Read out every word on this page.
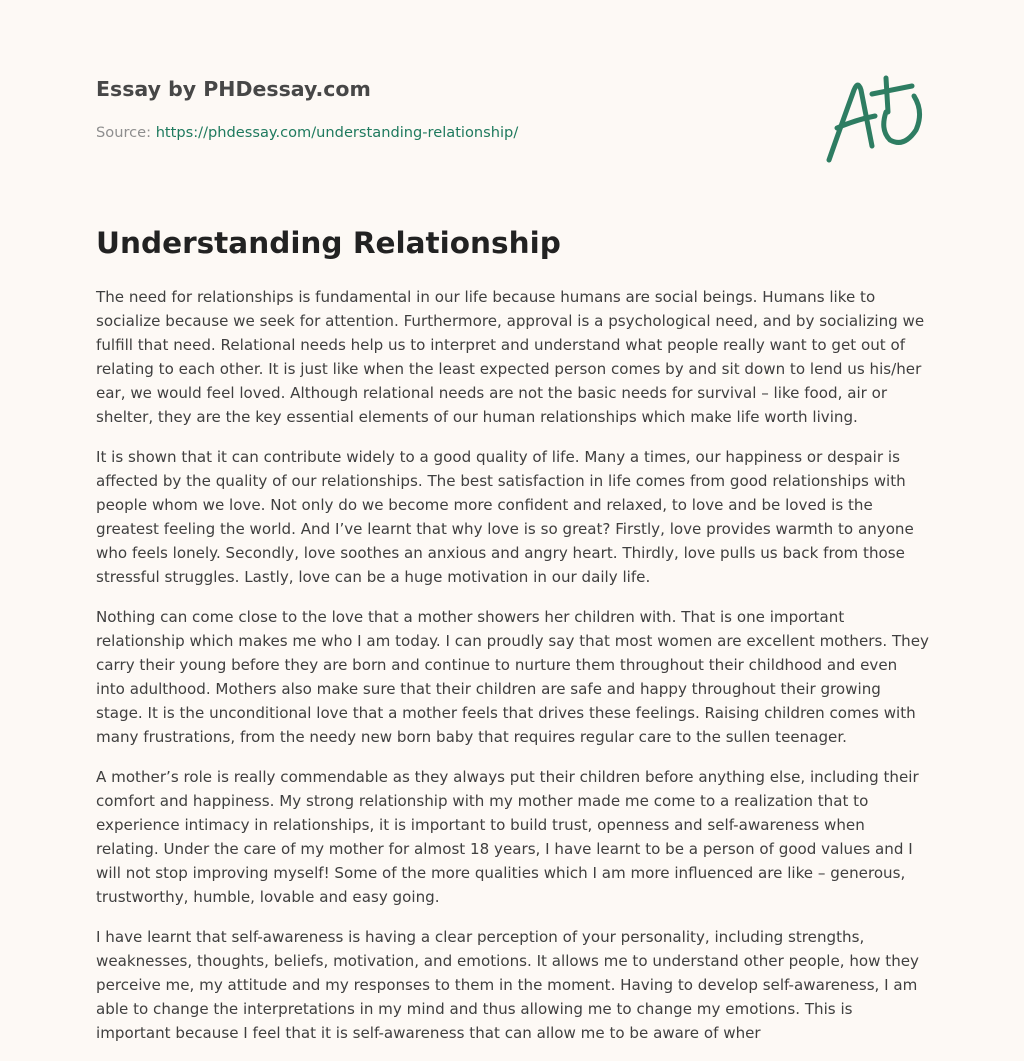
Essay by PHDessay.com
Source: https://phdessay.com/understanding-relationship/
Understanding Relationship

The need for relationships is fundamental in our life because humans are social beings. Humans like to socialize because we seek for attention. Furthermore, approval is a psychological need, and by socializing we fulfill that need. Relational needs help us to interpret and understand what people really want to get out of relating to each other. It is just like when the least expected person comes by and sit down to lend us his/her ear, we would feel loved. Although relational needs are not the basic needs for survival – like food, air or shelter, they are the key essential elements of our human relationships which make life worth living.

It is shown that it can contribute widely to a good quality of life. Many a times, our happiness or despair is affected by the quality of our relationships. The best satisfaction in life comes from good relationships with people whom we love. Not only do we become more confident and relaxed, to love and be loved is the greatest feeling the world. And I’ve learnt that why love is so great? Firstly, love provides warmth to anyone who feels lonely. Secondly, love soothes an anxious and angry heart. Thirdly, love pulls us back from those stressful struggles. Lastly, love can be a huge motivation in our daily life.

Nothing can come close to the love that a mother showers her children with. That is one important relationship which makes me who I am today. I can proudly say that most women are excellent mothers. They carry their young before they are born and continue to nurture them throughout their childhood and even into adulthood. Mothers also make sure that their children are safe and happy throughout their growing stage. It is the unconditional love that a mother feels that drives these feelings. Raising children comes with many frustrations, from the needy new born baby that requires regular care to the sullen teenager.

A mother’s role is really commendable as they always put their children before anything else, including their comfort and happiness. My strong relationship with my mother made me come to a realization that to experience intimacy in relationships, it is important to build trust, openness and self-awareness when relating. Under the care of my mother for almost 18 years, I have learnt to be a person of good values and I will not stop improving myself! Some of the more qualities which I am more influenced are like – generous, trustworthy, humble, lovable and easy going.

I have learnt that self-awareness is having a clear perception of your personality, including strengths, weaknesses, thoughts, beliefs, motivation, and emotions. It allows me to understand other people, how they perceive me, my attitude and my responses to them in the moment. Having to develop self-awareness, I am able to change the interpretations in my mind and thus allowing me to change my emotions. This is important because I feel that it is self-awareness that can allow me to be aware of wher
